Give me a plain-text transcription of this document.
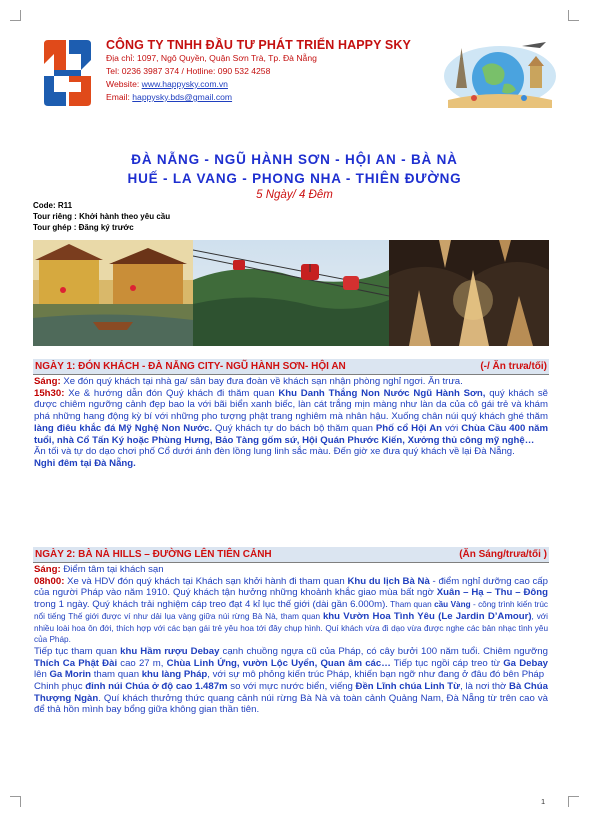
CÔNG TY TNHH ĐẦU TƯ PHÁT TRIỂN HAPPY SKY
Địa chỉ: 1097, Ngô Quyền, Quận Sơn Trà, Tp. Đà Nẵng
Tel: 0236 3987 374 / Hotline: 090 532 4258
Website: www.happysky.com.vn
Email: happysky.bds@gmail.com
ĐÀ NẴNG - NGŨ HÀNH SƠN - HỘI AN - BÀ NÀ
HUẾ - LA VANG - PHONG NHA - THIÊN ĐƯỜNG
5 Ngày/ 4 Đêm
Code: R11
Tour riêng : Khởi hành theo yêu cầu
Tour ghép : Đăng ký trước
NGÀY 1: ĐÓN KHÁCH - ĐÀ NẴNG CITY- NGŨ HÀNH SƠN- HỘI AN	(-/ Ăn trưa/tối)
Sáng: Xe đón quý khách tại nhà ga/ sân bay đưa đoàn về khách sạn nhận phòng nghỉ ngơi. Ăn trưa.
15h30: Xe & hướng dẫn đón Quý khách đi thăm quan Khu Danh Thắng Non Nước Ngũ Hành Sơn, quý khách sẽ được chiêm ngưỡng cảnh đẹp bao la với bãi biển xanh biếc, làn cát trắng mịn màng như làn da của cô gái trẻ và khám phá những hang động kỳ bí với những pho tượng phật trang nghiêm mà nhân hậu. Xuống chân núi quý khách ghé thăm làng điêu khắc đá Mỹ Nghệ Non Nước. Quý khách tự do bách bộ thăm quan Phố cổ Hội An với Chùa Cầu 400 năm tuổi, nhà Cổ Tấn Ký hoặc Phùng Hưng, Bảo Tàng gốm sứ, Hội Quán Phước Kiến, Xưởng thủ công mỹ nghệ…
Ăn tối và tự do dạo chơi phố Cổ dưới ánh đèn lồng lung linh sắc màu. Đến giờ xe đưa quý khách về lại Đà Nẵng.
Nghỉ đêm tại Đà Nẵng.
NGÀY 2: BÀ NÀ HILLS – ĐƯỜNG LÊN TIÊN CẢNH	(Ăn Sáng/trưa/tối )
Sáng: Điểm tâm tại khách sạn
08h00: Xe và HDV đón quý khách tại Khách sạn khởi hành đi tham quan Khu du lịch Bà Nà - điểm nghỉ dưỡng cao cấp của người Pháp vào năm 1910. Quý khách tận hưởng những khoảnh khắc giao mùa bất ngờ Xuân – Hạ – Thu – Đông trong 1 ngày. Quý khách trải nghiệm cáp treo đạt 4 kỉ lục thế giới (dài gần 6.000m). Tham quan cầu Vàng - công trình kiến trúc nổi tiếng Thế giới được ví như dải lụa vàng giữa núi rừng Bà Nà, tham quan khu Vườn Hoa Tình Yêu (Le Jardin D’Amour), với nhiều loài hoa ôn đới, thích hợp với các bạn gái trẻ yêu hoa tới đây chụp hình. Quí khách vừa đi dạo vừa được nghe các bản nhạc tình yêu của Pháp.
Tiếp tục tham quan khu Hầm rượu Debay cạnh chuồng ngựa cũ của Pháp, có cây bưởi 100 năm tuổi. Chiêm ngưỡng Thích Ca Phật Đài cao 27 m, Chùa Linh Ứng, vườn Lộc Uyển, Quan âm các… Tiếp tục ngồi cáp treo từ Ga Debay lên Ga Morin tham quan khu làng Pháp, với sự mô phỏng kiến trúc Pháp, khiến bạn ngỡ như đang ở đâu đó bên Pháp
Chinh phục đỉnh núi Chúa ở độ cao 1.487m so với mực nước biển, viếng Đền Lĩnh chúa Linh Từ, là nơi thờ Bà Chúa Thượng Ngàn. Quí khách thưởng thức quang cảnh núi rừng Bà Nà và toàn cảnh Quảng Nam, Đà Nẵng từ trên cao và để thả hồn mình bay bổng giữa không gian thần tiên.
1
